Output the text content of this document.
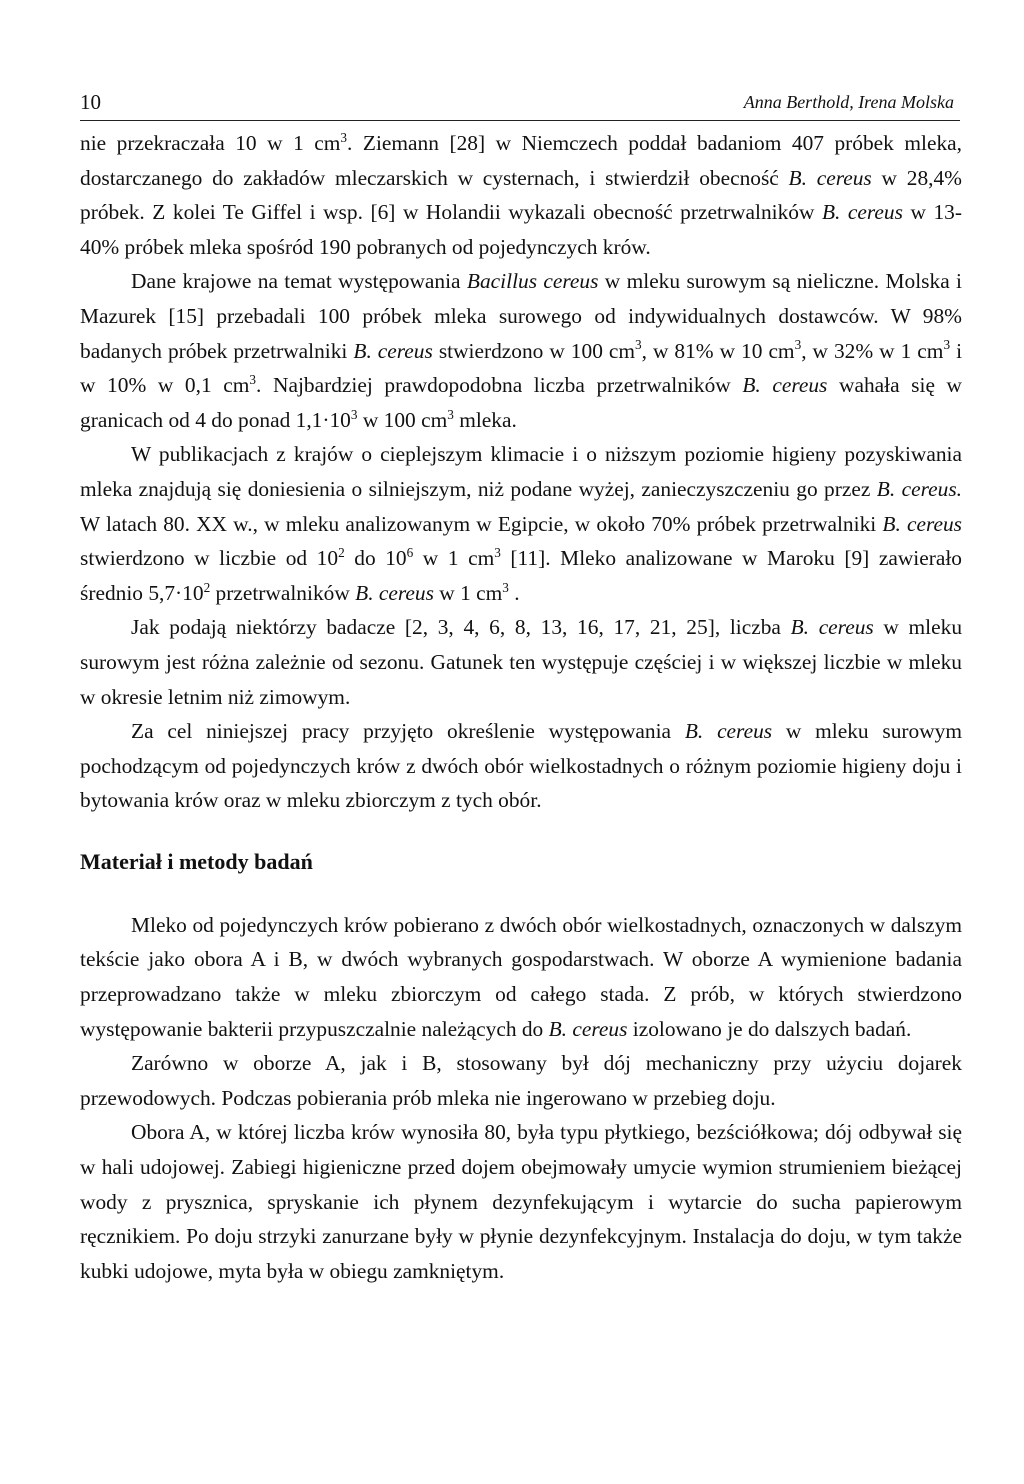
10	Anna Berthold, Irena Molska

nie przekraczała 10 w 1 $cm^3$. Ziemann [28] w Niemczech poddał badaniom 407 próbek mleka, dostarczanego do zakładów mleczarskich w cysternach, i stwierdził obecność B. cereus w 28,4% próbek. Z kolei Te Giffel i wsp. [6] w Holandii wykazali obecność przetrwalników B. cereus w 13-40% próbek mleka spośród 190 pobranych od pojedynczych krów.

Dane krajowe na temat występowania Bacillus cereus w mleku surowym są nieliczne. Molska i Mazurek [15] przebadali 100 próbek mleka surowego od indywidualnych dostawców. W 98% badanych próbek przetrwalniki B. cereus stwierdzono w 100 $cm^3$, w 81% w 10 $cm^3$, w 32% w 1 $cm^3$ i w 10% w 0,1 $cm^3$. Najbardziej prawdopodobna liczba przetrwalników B. cereus wahała się w granicach od 4 do ponad $1,1\cdot 10^3$ w 100 $cm^3$ mleka.

W publikacjach z krajów o cieplejszym klimacie i o niższym poziomie higieny pozyskiwania mleka znajdują się doniesienia o silniejszym, niż podane wyżej, zanieczyszczeniu go przez B. cereus. W latach 80. XX w., w mleku analizowanym w Egipcie, w około 70% próbek przetrwalniki B. cereus stwierdzono w liczbie od $10^2$ do $10^6$ w 1 $cm^3$ [11]. Mleko analizowane w Maroku [9] zawierało średnio $5,7\cdot 10^2$ przetrwalników B. cereus w 1 $cm^3$ .

Jak podają niektórzy badacze [2, 3, 4, 6, 8, 13, 16, 17, 21, 25], liczba B. cereus w mleku surowym jest różna zależnie od sezonu. Gatunek ten występuje częściej i w większej liczbie w mleku w okresie letnim niż zimowym.

Za cel niniejszej pracy przyjęto określenie występowania B. cereus w mleku surowym pochodzącym od pojedynczych krów z dwóch obór wielkostadnych o różnym poziomie higieny doju i bytowania krów oraz w mleku zbiorczym z tych obór.

Materiał i metody badań

Mleko od pojedynczych krów pobierano z dwóch obór wielkostadnych, oznaczonych w dalszym tekście jako obora A i B, w dwóch wybranych gospodarstwach. W oborze A wymienione badania przeprowadzano także w mleku zbiorczym od całego stada. Z prób, w których stwierdzono występowanie bakterii przypuszczalnie należących do B. cereus izolowano je do dalszych badań.

Zarówno w oborze A, jak i B, stosowany był dój mechaniczny przy użyciu dojarek przewodowych. Podczas pobierania prób mleka nie ingerowano w przebieg doju.

Obora A, w której liczba krów wynosiła 80, była typu płytkiego, bezściółkowa; dój odbywał się w hali udojowej. Zabiegi higieniczne przed dojem obejmowały umycie wymion strumieniem bieżącej wody z prysznica, spryskanie ich płynem dezynfekującym i wytarcie do sucha papierowym ręcznikiem. Po doju strzyki zanurzane były w płynie dezynfekcyjnym. Instalacja do doju, w tym także kubki udojowe, myta była w obiegu zamkniętym.
